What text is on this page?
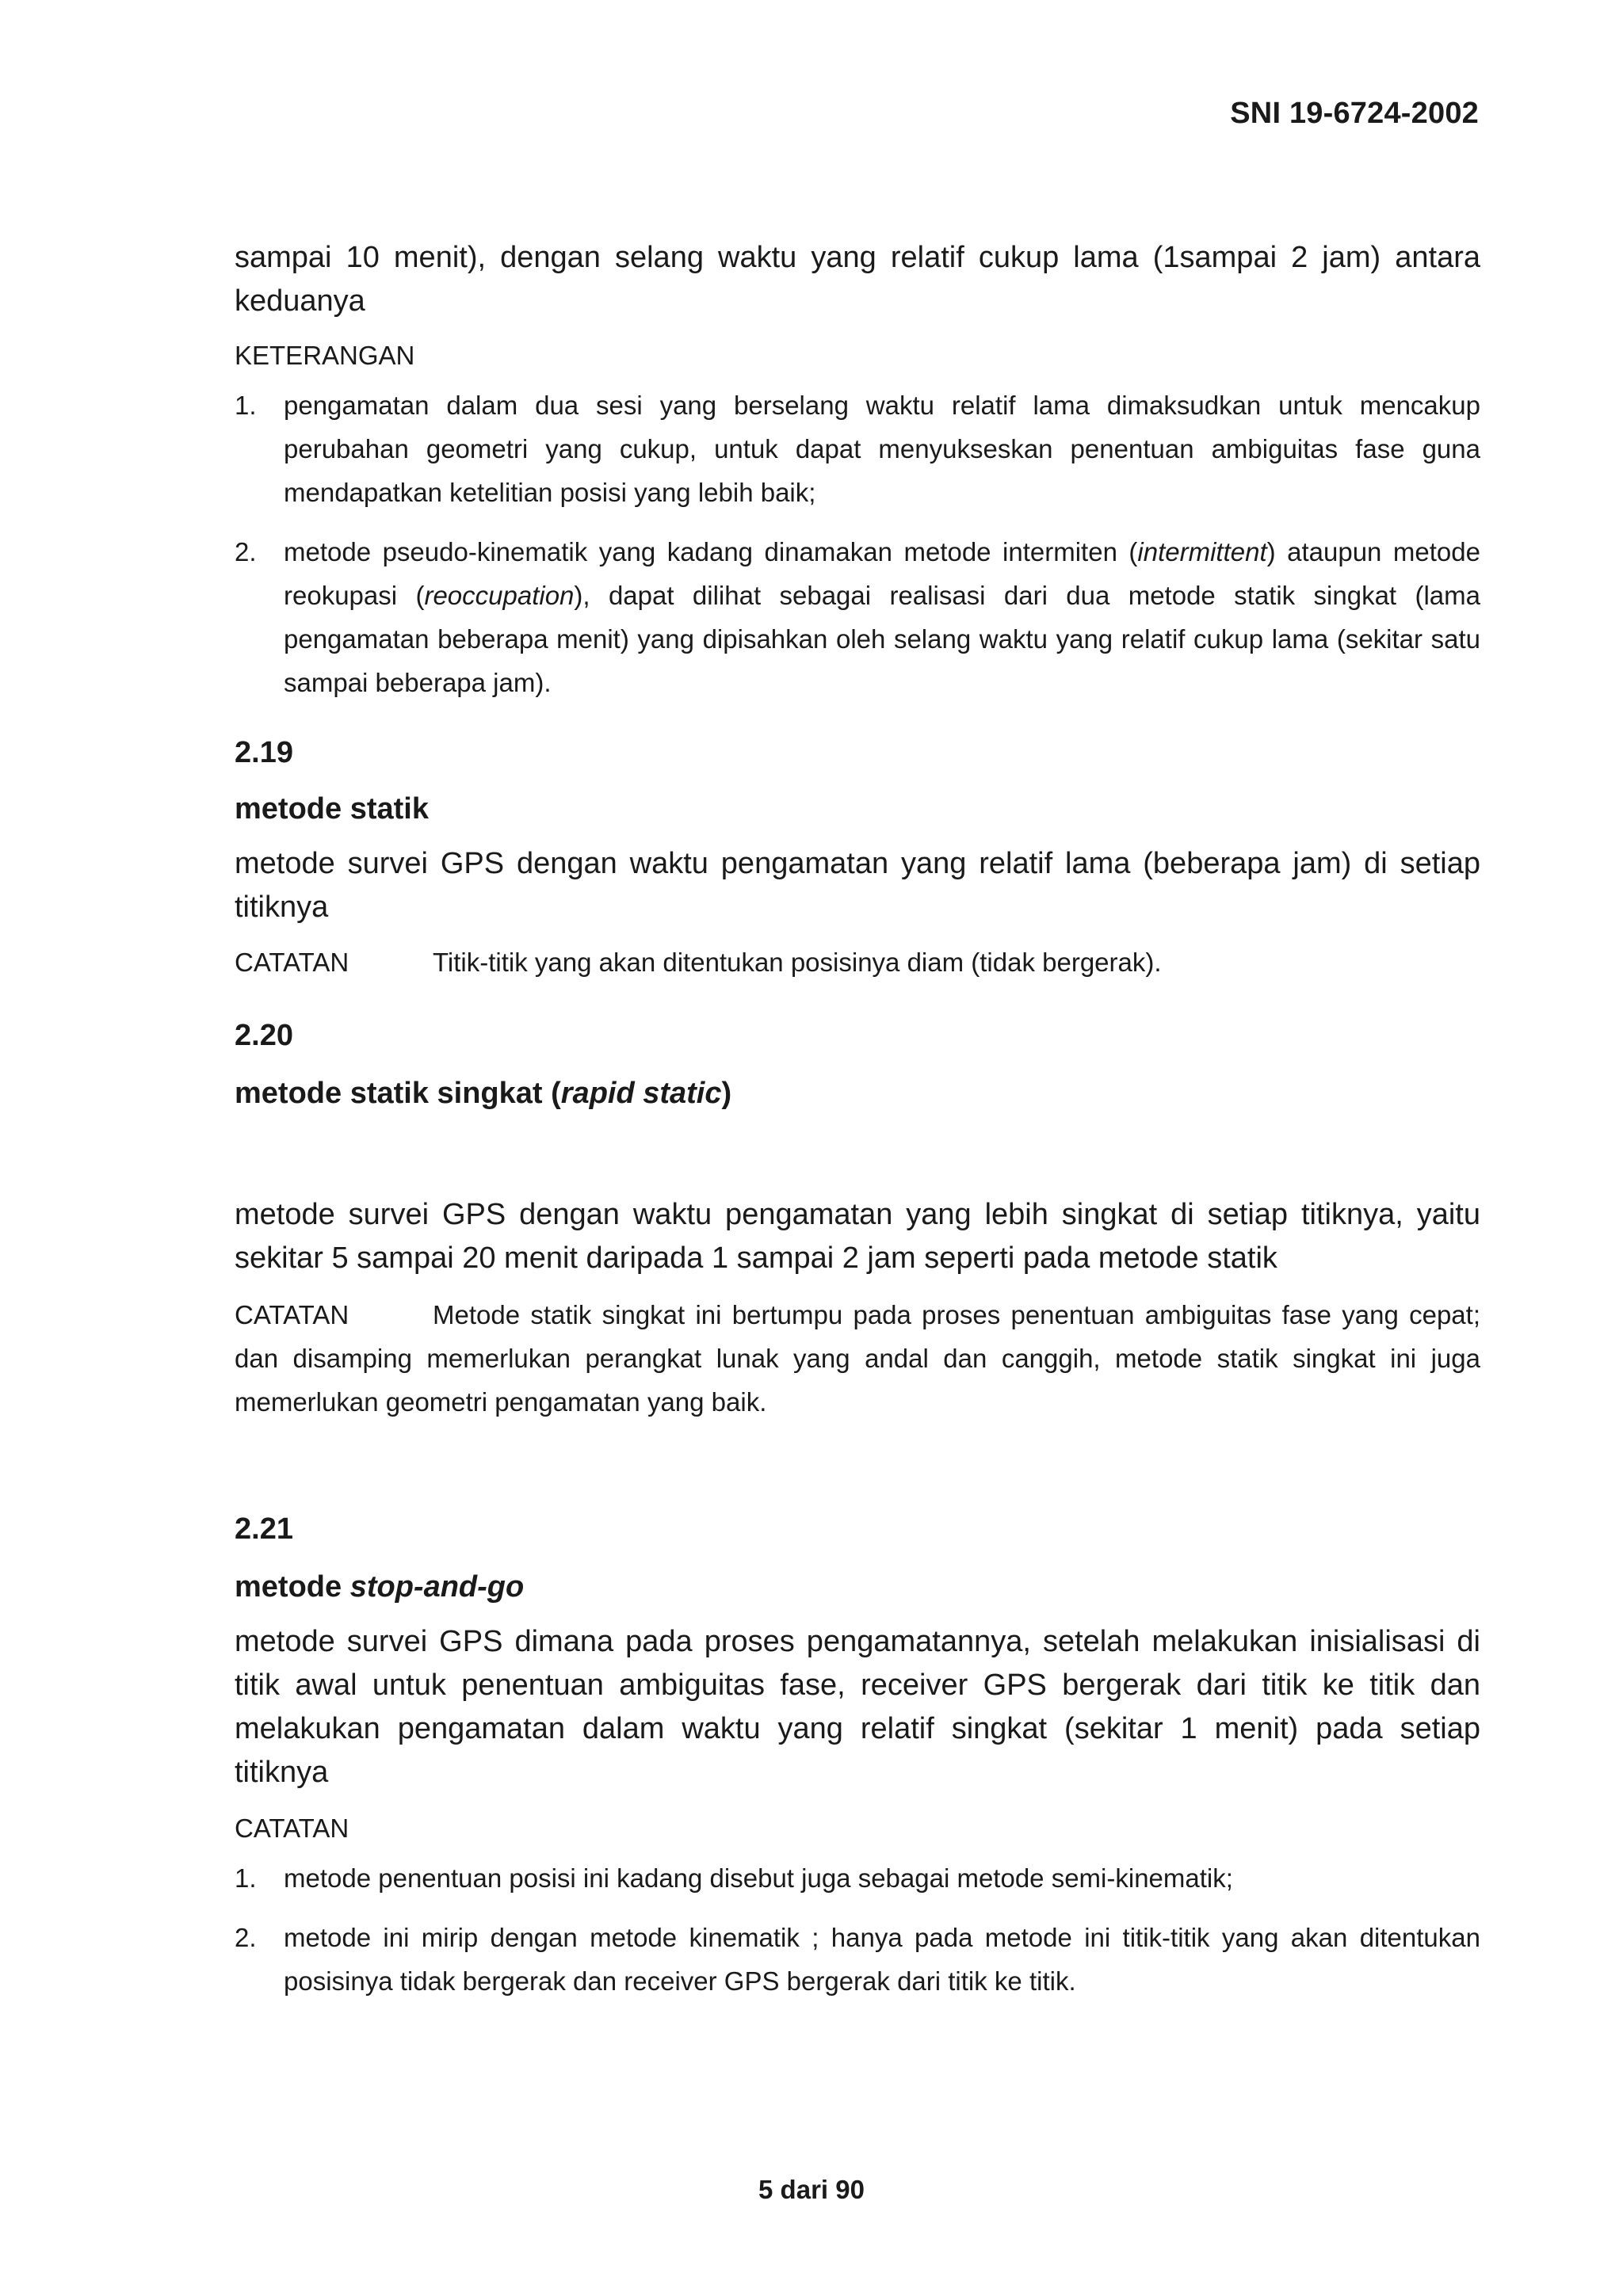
SNI 19-6724-2002

sampai 10 menit), dengan selang waktu yang relatif cukup lama (1sampai 2 jam) antara keduanya

KETERANGAN

1.	pengamatan dalam dua sesi yang berselang waktu relatif lama dimaksudkan untuk mencakup perubahan geometri yang cukup, untuk dapat menyukseskan penentuan ambiguitas fase guna mendapatkan ketelitian posisi yang lebih baik;
2.	metode pseudo-kinematik yang kadang dinamakan metode intermiten (intermittent) ataupun metode reokupasi (reoccupation), dapat dilihat sebagai realisasi dari dua metode statik singkat (lama pengamatan beberapa menit) yang dipisahkan oleh selang waktu yang relatif cukup lama (sekitar satu sampai beberapa jam).

2.19

metode statik

metode survei GPS dengan waktu pengamatan yang relatif lama (beberapa jam) di setiap titiknya

CATATAN	Titik-titik yang akan ditentukan posisinya diam (tidak bergerak).

2.20

metode statik singkat (rapid static)

metode survei GPS dengan waktu pengamatan yang lebih singkat di setiap titiknya, yaitu sekitar 5 sampai 20 menit daripada 1 sampai 2 jam seperti pada metode statik

CATATAN	Metode statik singkat ini bertumpu pada proses penentuan ambiguitas fase yang cepat; dan disamping memerlukan perangkat lunak yang andal dan canggih, metode statik singkat ini juga memerlukan geometri pengamatan yang baik.

2.21

metode stop-and-go

metode survei GPS dimana pada proses pengamatannya, setelah melakukan inisialisasi di titik awal untuk penentuan ambiguitas fase, receiver GPS bergerak dari titik ke titik dan melakukan pengamatan dalam waktu yang relatif singkat (sekitar 1 menit) pada setiap titiknya

CATATAN

1.	metode penentuan posisi ini kadang disebut juga sebagai metode semi-kinematik;
2.	metode ini mirip dengan metode kinematik ; hanya pada metode ini titik-titik yang akan ditentukan posisinya tidak bergerak dan receiver GPS bergerak dari titik ke titik.
5 dari 90
